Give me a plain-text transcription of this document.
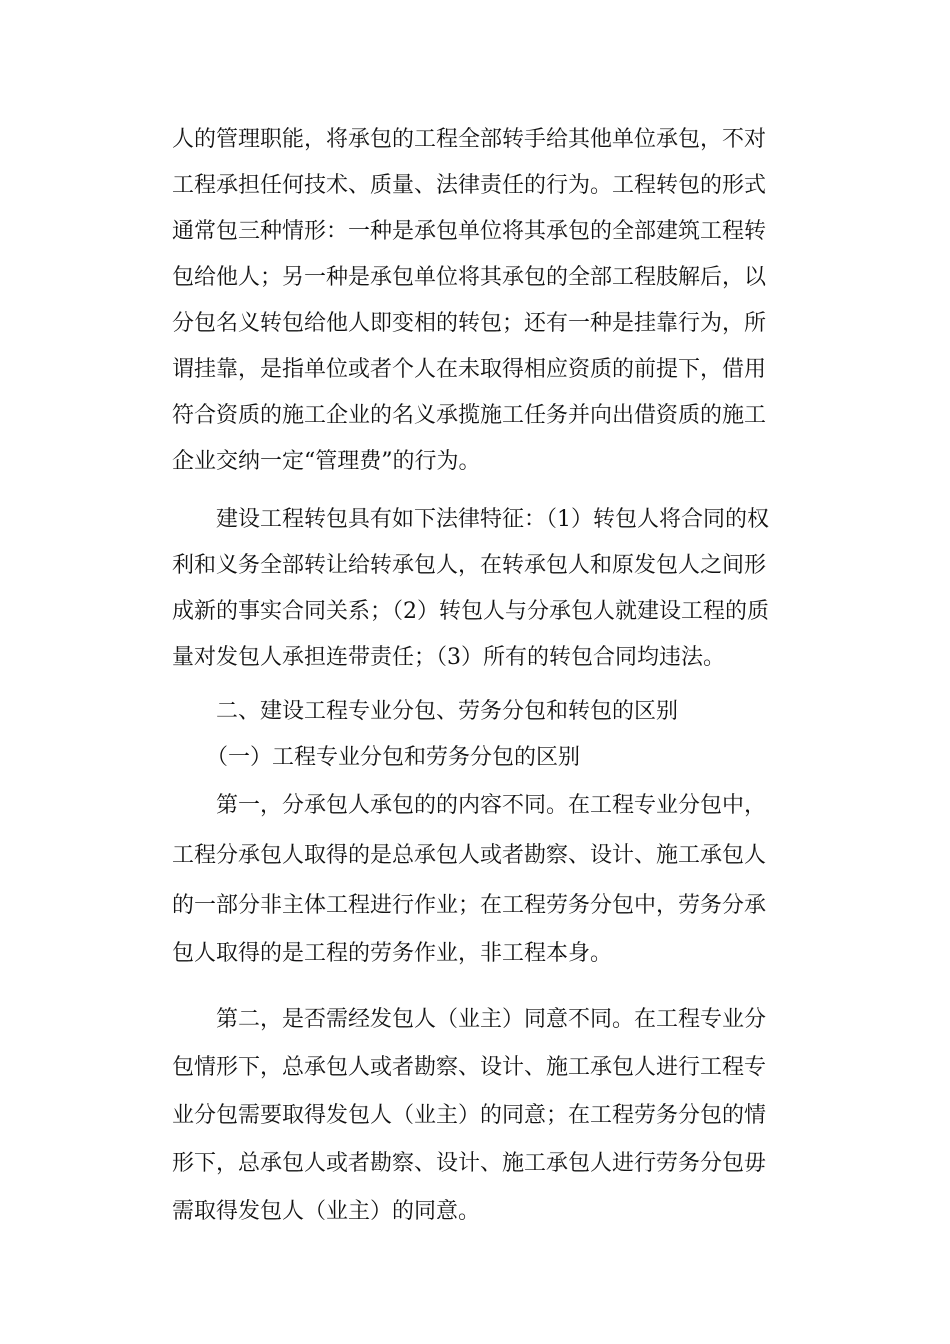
人的管理职能，将承包的工程全部转手给其他单位承包，不对

工程承担任何技术、质量、法律责任的行为。工程转包的形式

通常包三种情形：一种是承包单位将其承包的全部建筑工程转

包给他人；另一种是承包单位将其承包的全部工程肢解后，以

分包名义转包给他人即变相的转包；还有一种是挂靠行为，所

谓挂靠，是指单位或者个人在未取得相应资质的前提下，借用

符合资质的施工企业的名义承揽施工任务并向出借资质的施工

企业交纳一定“管理费”的行为。

建设工程转包具有如下法律特征：（1）转包人将合同的权

利和义务全部转让给转承包人，在转承包人和原发包人之间形

成新的事实合同关系；（2）转包人与分承包人就建设工程的质

量对发包人承担连带责任；（3）所有的转包合同均违法。

二、建设工程专业分包、劳务分包和转包的区别

（一）工程专业分包和劳务分包的区别

第一，分承包人承包的的内容不同。在工程专业分包中，

工程分承包人取得的是总承包人或者勘察、设计、施工承包人

的一部分非主体工程进行作业；在工程劳务分包中，劳务分承

包人取得的是工程的劳务作业，非工程本身。

第二，是否需经发包人（业主）同意不同。在工程专业分

包情形下，总承包人或者勘察、设计、施工承包人进行工程专

业分包需要取得发包人（业主）的同意；在工程劳务分包的情

形下，总承包人或者勘察、设计、施工承包人进行劳务分包毋

需取得发包人（业主）的同意。
